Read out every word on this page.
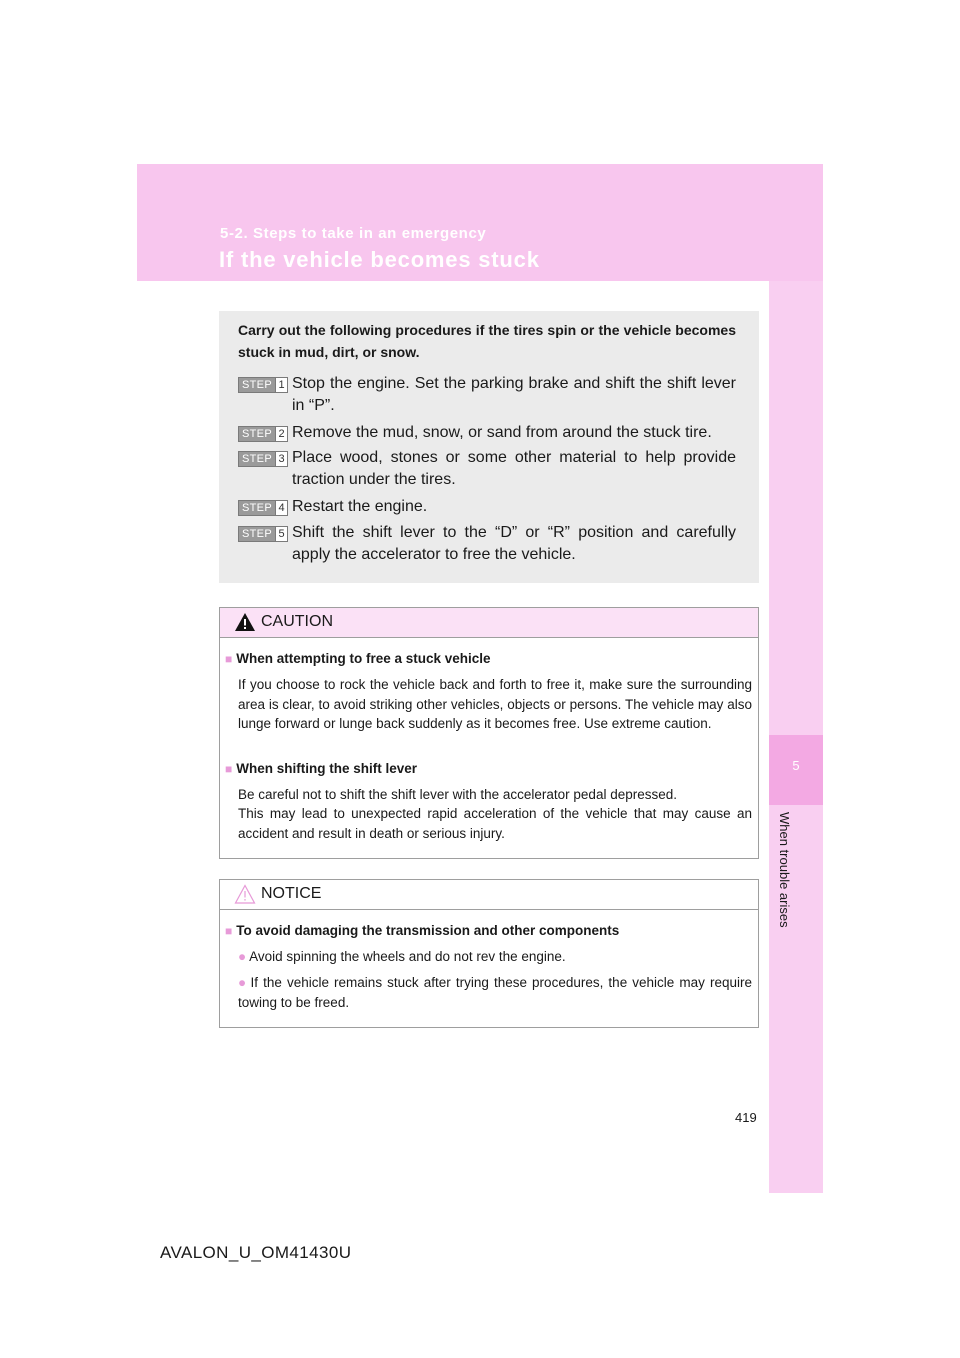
5-2. Steps to take in an emergency
If the vehicle becomes stuck
5
When trouble arises
Carry out the following procedures if the tires spin or the vehicle becomes stuck in mud, dirt, or snow.
STEP 1 Stop the engine. Set the parking brake and shift the shift lever in “P”.
STEP 2 Remove the mud, snow, or sand from around the stuck tire.
STEP 3 Place wood, stones or some other material to help provide traction under the tires.
STEP 4 Restart the engine.
STEP 5 Shift the shift lever to the “D” or “R” position and carefully apply the accelerator to free the vehicle.
CAUTION
■ When attempting to free a stuck vehicle
If you choose to rock the vehicle back and forth to free it, make sure the surrounding area is clear, to avoid striking other vehicles, objects or persons. The vehicle may also lunge forward or lunge back suddenly as it becomes free. Use extreme caution.
■ When shifting the shift lever
Be careful not to shift the shift lever with the accelerator pedal depressed.
This may lead to unexpected rapid acceleration of the vehicle that may cause an accident and result in death or serious injury.
NOTICE
■ To avoid damaging the transmission and other components
● Avoid spinning the wheels and do not rev the engine.
● If the vehicle remains stuck after trying these procedures, the vehicle may require towing to be freed.
419
AVALON_U_OM41430U
